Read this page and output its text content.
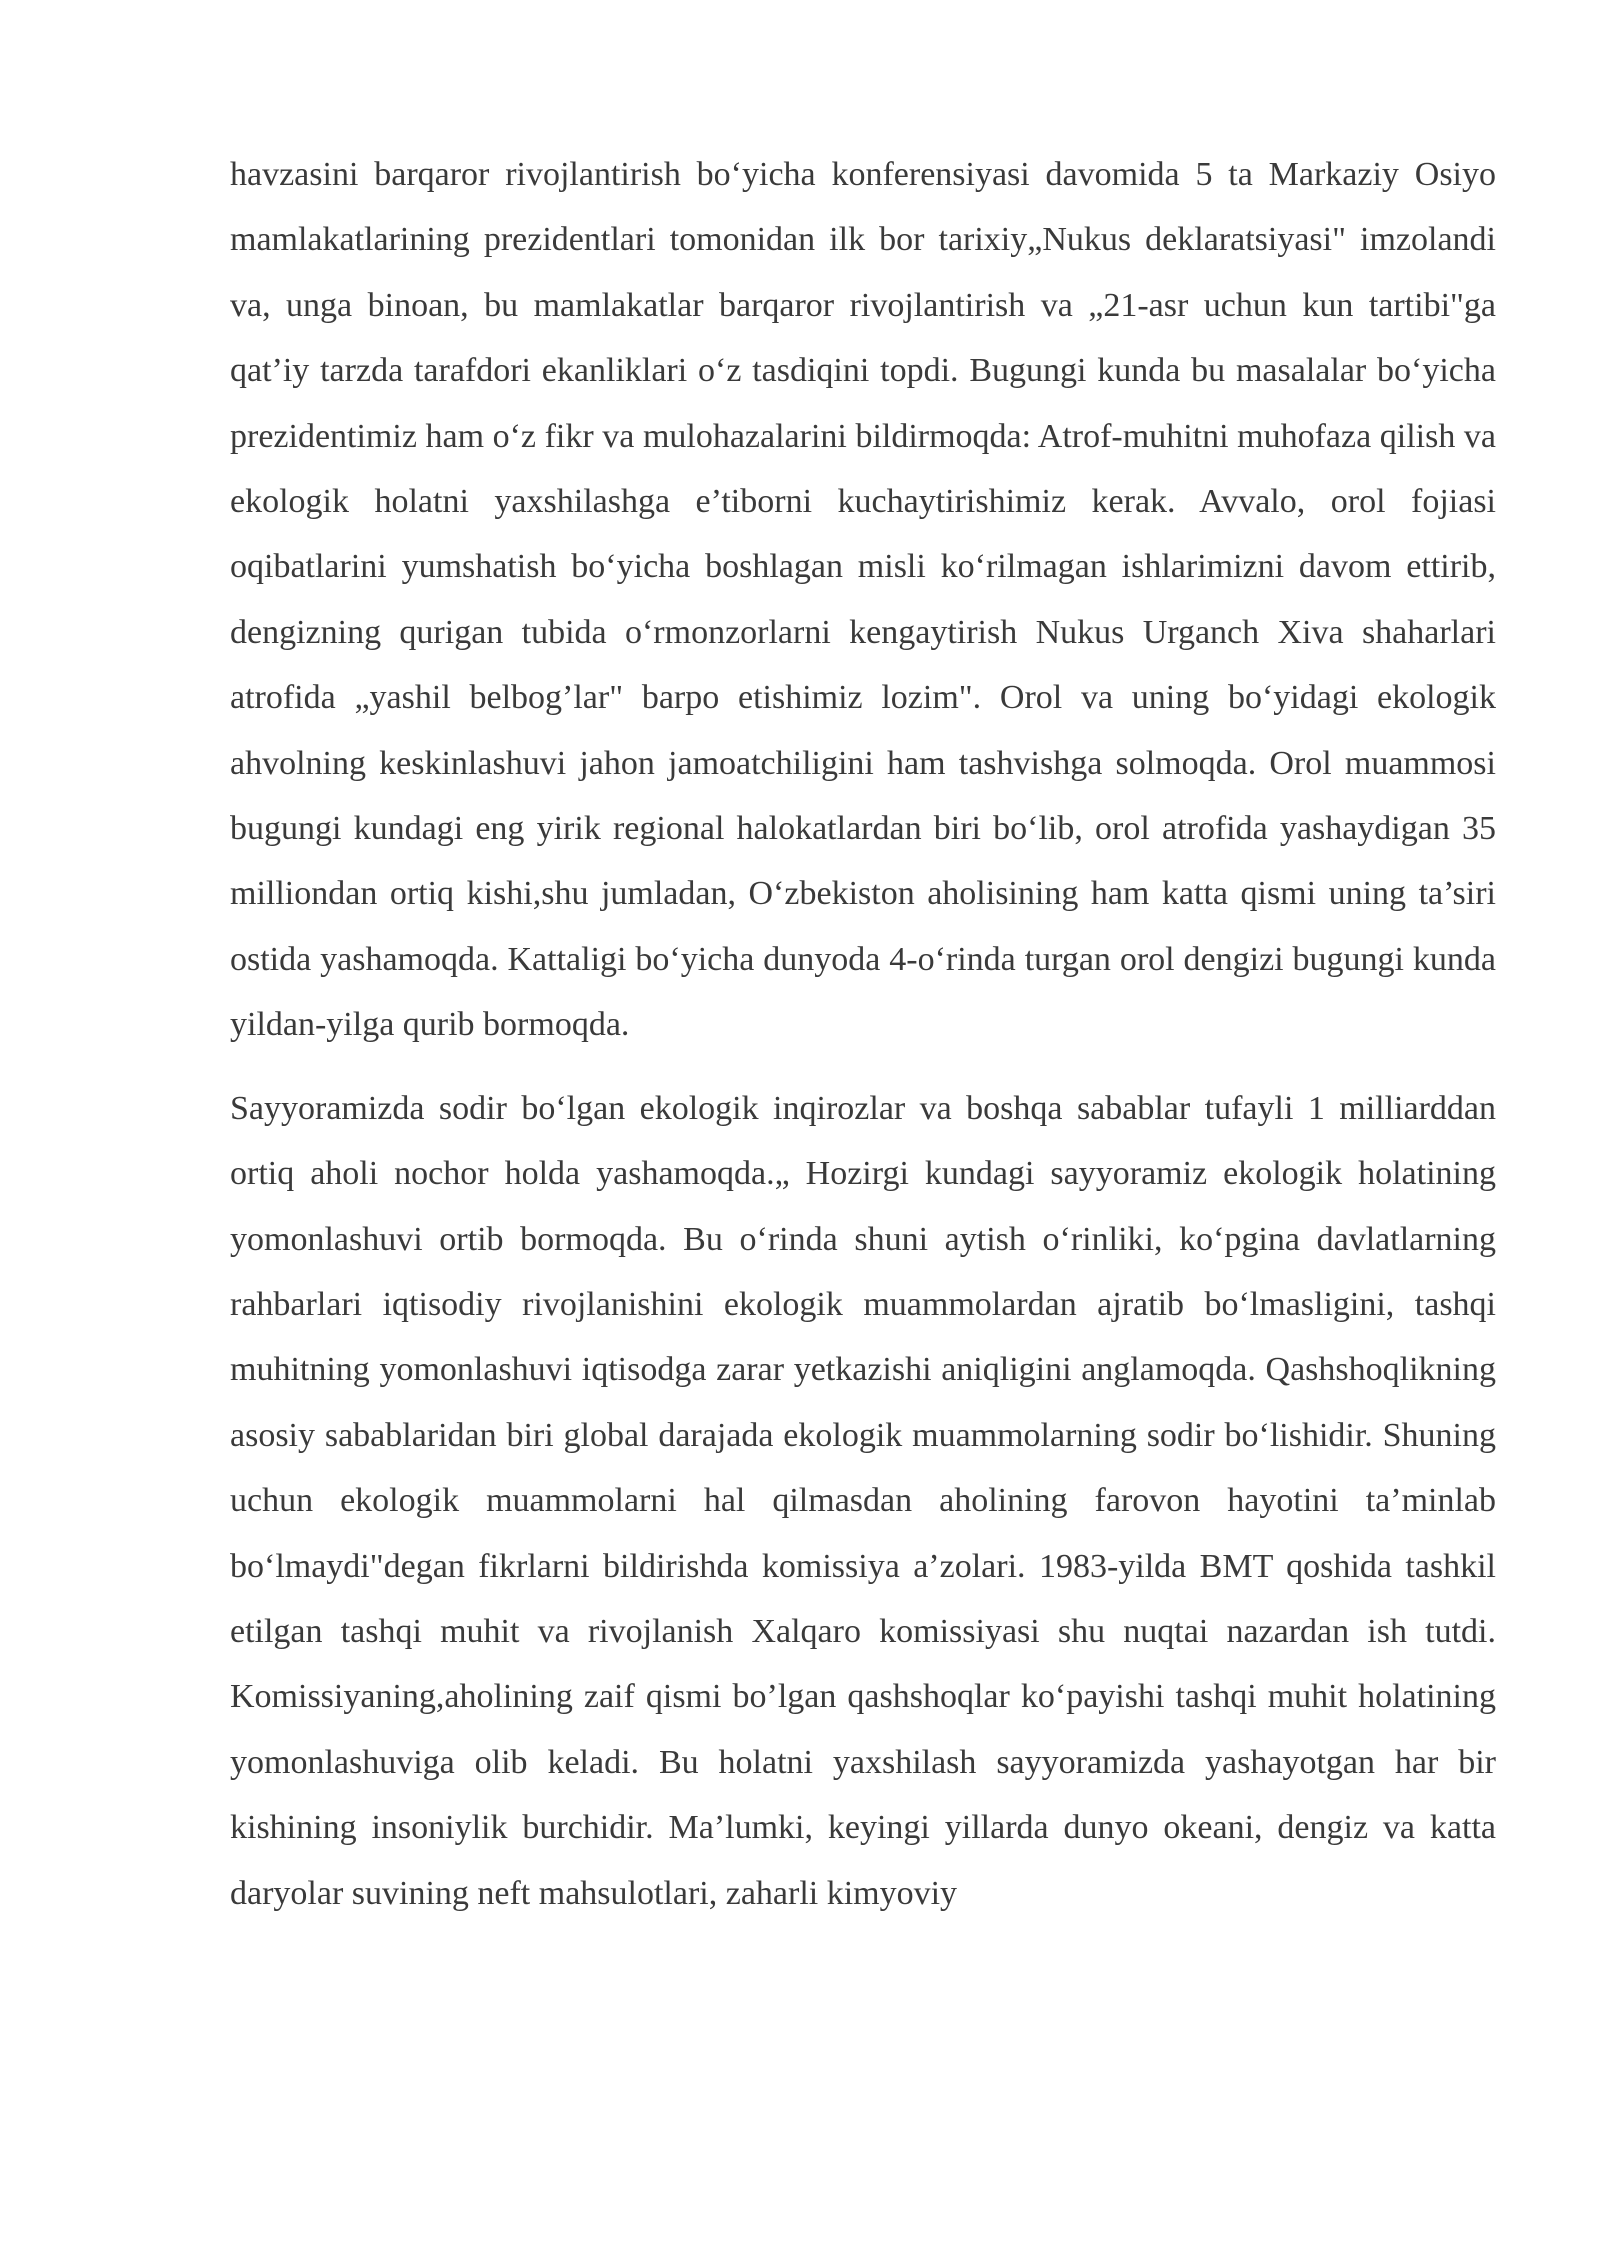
havzasini barqaror rivojlantirish bo‘yicha konferensiyasi davomida 5 ta Markaziy Osiyo mamlakatlarining prezidentlari tomonidan ilk bor tarixiy„Nukus deklaratsiyasi" imzolandi va, unga binoan, bu mamlakatlar barqaror rivojlantirish va „21-asr uchun kun tartibi"ga qat’iy tarzda tarafdori ekanliklari o‘z tasdiqini topdi. Bugungi kunda bu masalalar bo‘yicha prezidentimiz ham o‘z fikr va mulohazalarini bildirmoqda: Atrof-muhitni muhofaza qilish va ekologik holatni yaxshilashga e’tiborni kuchaytirishimiz kerak. Avvalo, orol fojiasi oqibatlarini yumshatish bo‘yicha boshlagan misli ko‘rilmagan ishlarimizni davom ettirib, dengizning qurigan tubida o‘rmonzorlarni kengaytirish Nukus Urganch Xiva shaharlari atrofida „yashil belbog’lar" barpo etishimiz lozim". Orol va uning bo‘yidagi ekologik ahvolning keskinlashuvi jahon jamoatchiligini ham tashvishga solmoqda. Orol muammosi bugungi kundagi eng yirik regional halokatlardan biri bo‘lib, orol atrofida yashaydigan 35 milliondan ortiq kishi,shu jumladan, O‘zbekiston aholisining ham katta qismi uning ta’siri ostida yashamoqda. Kattaligi bo‘yicha dunyoda 4-o‘rinda turgan orol dengizi bugungi kunda yildan-yilga qurib bormoqda.

Sayyoramizda sodir bo‘lgan ekologik inqirozlar va boshqa sabablar tufayli 1 milliarddan ortiq aholi nochor holda yashamoqda.„ Hozirgi kundagi sayyoramiz ekologik holatining yomonlashuvi ortib bormoqda. Bu o‘rinda shuni aytish o‘rinliki, ko‘pgina davlatlarning rahbarlari iqtisodiy rivojlanishini ekologik muammolardan ajratib bo‘lmasligini, tashqi muhitning yomonlashuvi iqtisodga zarar yetkazishi aniqligini anglamoqda. Qashshoqlikning asosiy sabablaridan biri global darajada ekologik muammolarning sodir bo‘lishidir. Shuning uchun ekologik muammolarni hal qilmasdan aholining farovon hayotini ta’minlab bo‘lmaydi"degan fikrlarni bildirishda komissiya a’zolari. 1983-yilda BMT qoshida tashkil etilgan tashqi muhit va rivojlanish Xalqaro komissiyasi shu nuqtai nazardan ish tutdi. Komissiyaning,aholining zaif qismi bo’lgan qashshoqlar ko‘payishi tashqi muhit holatining yomonlashuviga olib keladi. Bu holatni yaxshilash sayyoramizda yashayotgan har bir kishining insoniylik burchidir. Ma’lumki, keyingi yillarda dunyo okeani, dengiz va katta daryolar suvining neft mahsulotlari, zaharli kimyoviy
